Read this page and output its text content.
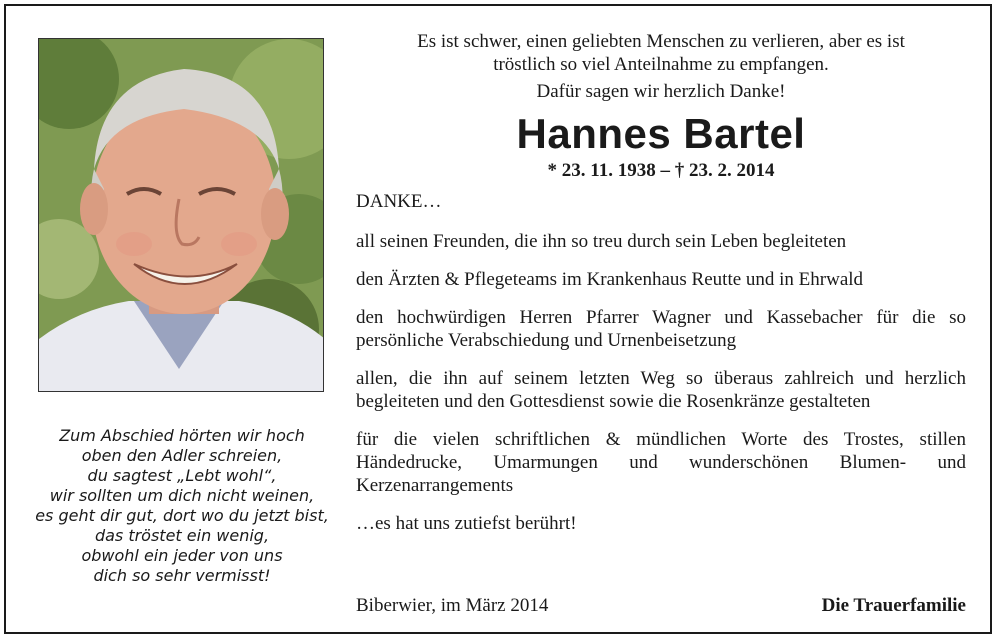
Zum Abschied hörten wir hoch
oben den Adler schreien,
du sagtest „Lebt wohl“,
wir sollten um dich nicht weinen,
es geht dir gut, dort wo du jetzt bist,
das tröstet ein wenig,
obwohl ein jeder von uns
dich so sehr vermisst!
Es ist schwer, einen geliebten Menschen zu verlieren, aber es ist
tröstlich so viel Anteilnahme zu empfangen.
Dafür sagen wir herzlich Danke!
Hannes Bartel
* 23. 11. 1938 – † 23. 2. 2014
DANKE…
all seinen Freunden, die ihn so treu durch sein Leben begleiteten
den Ärzten & Pflegeteams im Krankenhaus Reutte und in Ehrwald
den hochwürdigen Herren Pfarrer Wagner und Kassebacher für die so persönliche Verabschiedung und Urnenbeisetzung
allen, die ihn auf seinem letzten Weg so überaus zahlreich und herzlich begleiteten und den Gottesdienst sowie die Rosenkränze gestalteten
für die vielen schriftlichen & mündlichen Worte des Trostes, stillen Händedrucke, Umarmungen und wunderschönen Blumen- und Kerzenarrangements
…es hat uns zutiefst berührt!
Biberwier, im März 2014	Die Trauerfamilie
